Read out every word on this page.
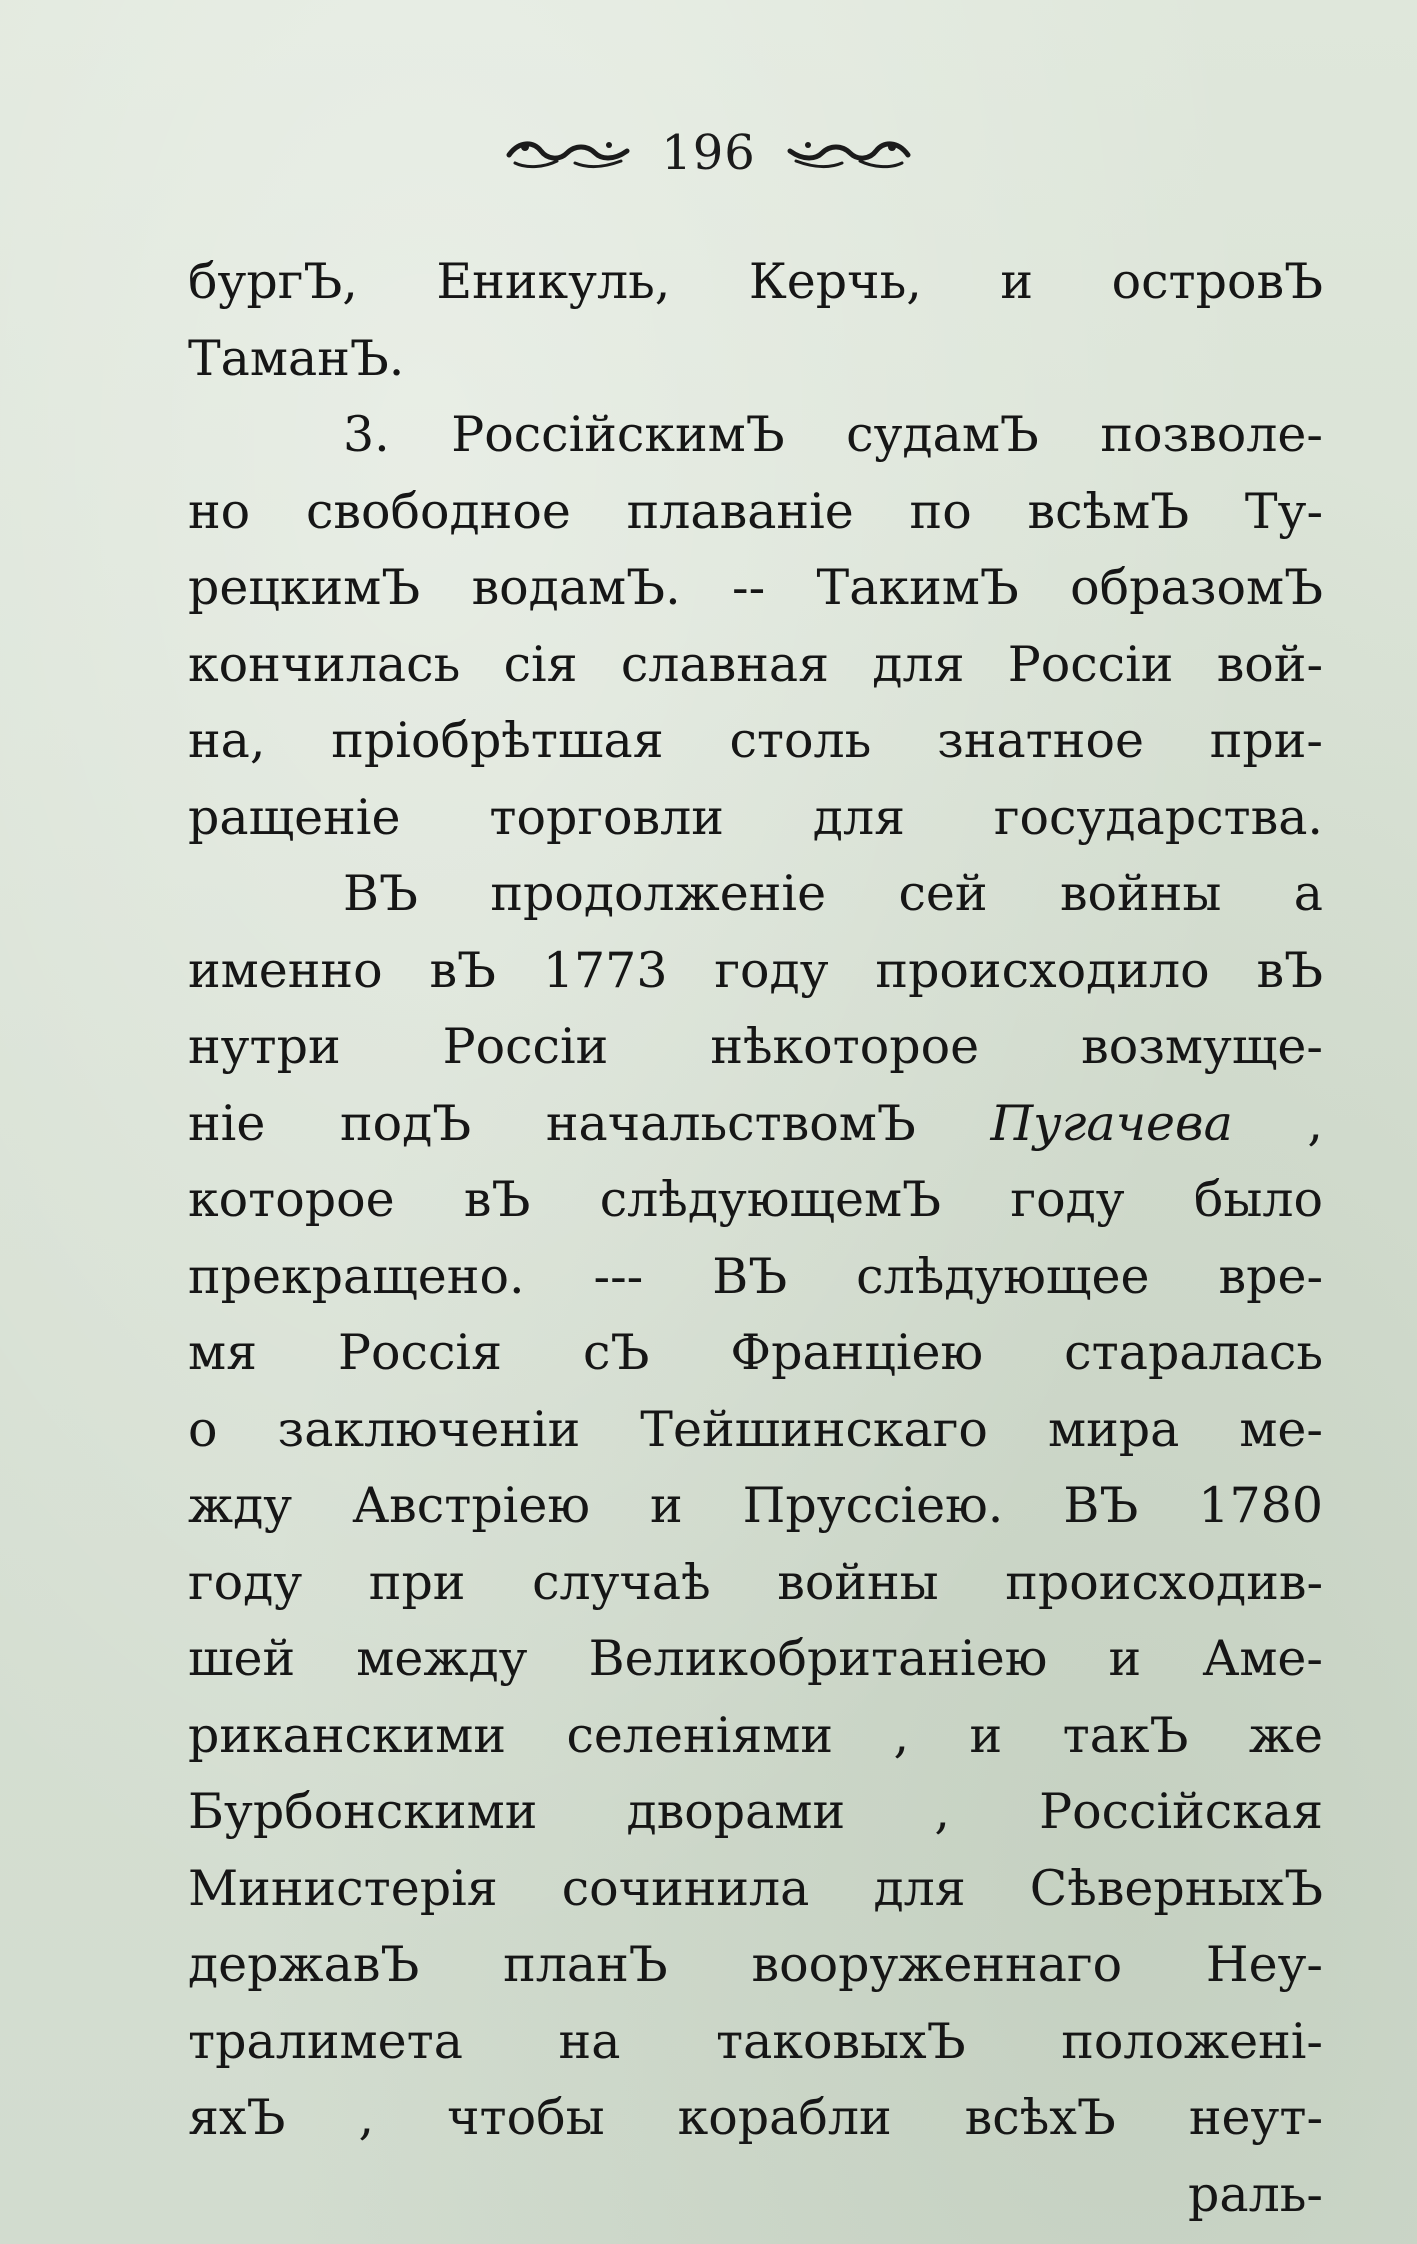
196
бургЪ, Еникуль, Керчь, и островЪ
ТаманЪ.
3. РоссiйскимЪ судамЪ позволе-
но свободное плаванiе по всѣмЪ Ту-
рецкимЪ водамЪ. -- ТакимЪ образомЪ
кончилась сiя славная для Россiи вой-
на, прiобрѣтшая столь знатное при-
ращенiе торговли для государства.
ВЪ продолженiе сей войны а
именно вЪ 1773 году происходило вЪ
нутри Россiи нѣкоторое возмуще-
нiе подЪ начальствомЪ Пугачева ,
которое вЪ слѣдующемЪ году было
прекращено. --- ВЪ слѣдующее вре-
мя Россiя сЪ Францiею старалась
о заключенiи Тейшинскаго мира ме-
жду Австрiею и Пруссiею. ВЪ 1780
году при случаѣ войны происходив-
шей между Великобританiею и Аме-
риканскими селенiями , и такЪ же
Бурбонскими дворами , Россiйская
Министерiя сочинила для СѣверныхЪ
державЪ планЪ вооруженнаго Неу-
тралимета на таковыхЪ положенi-
яхЪ , чтобы корабли всѣхЪ неут-
раль-
